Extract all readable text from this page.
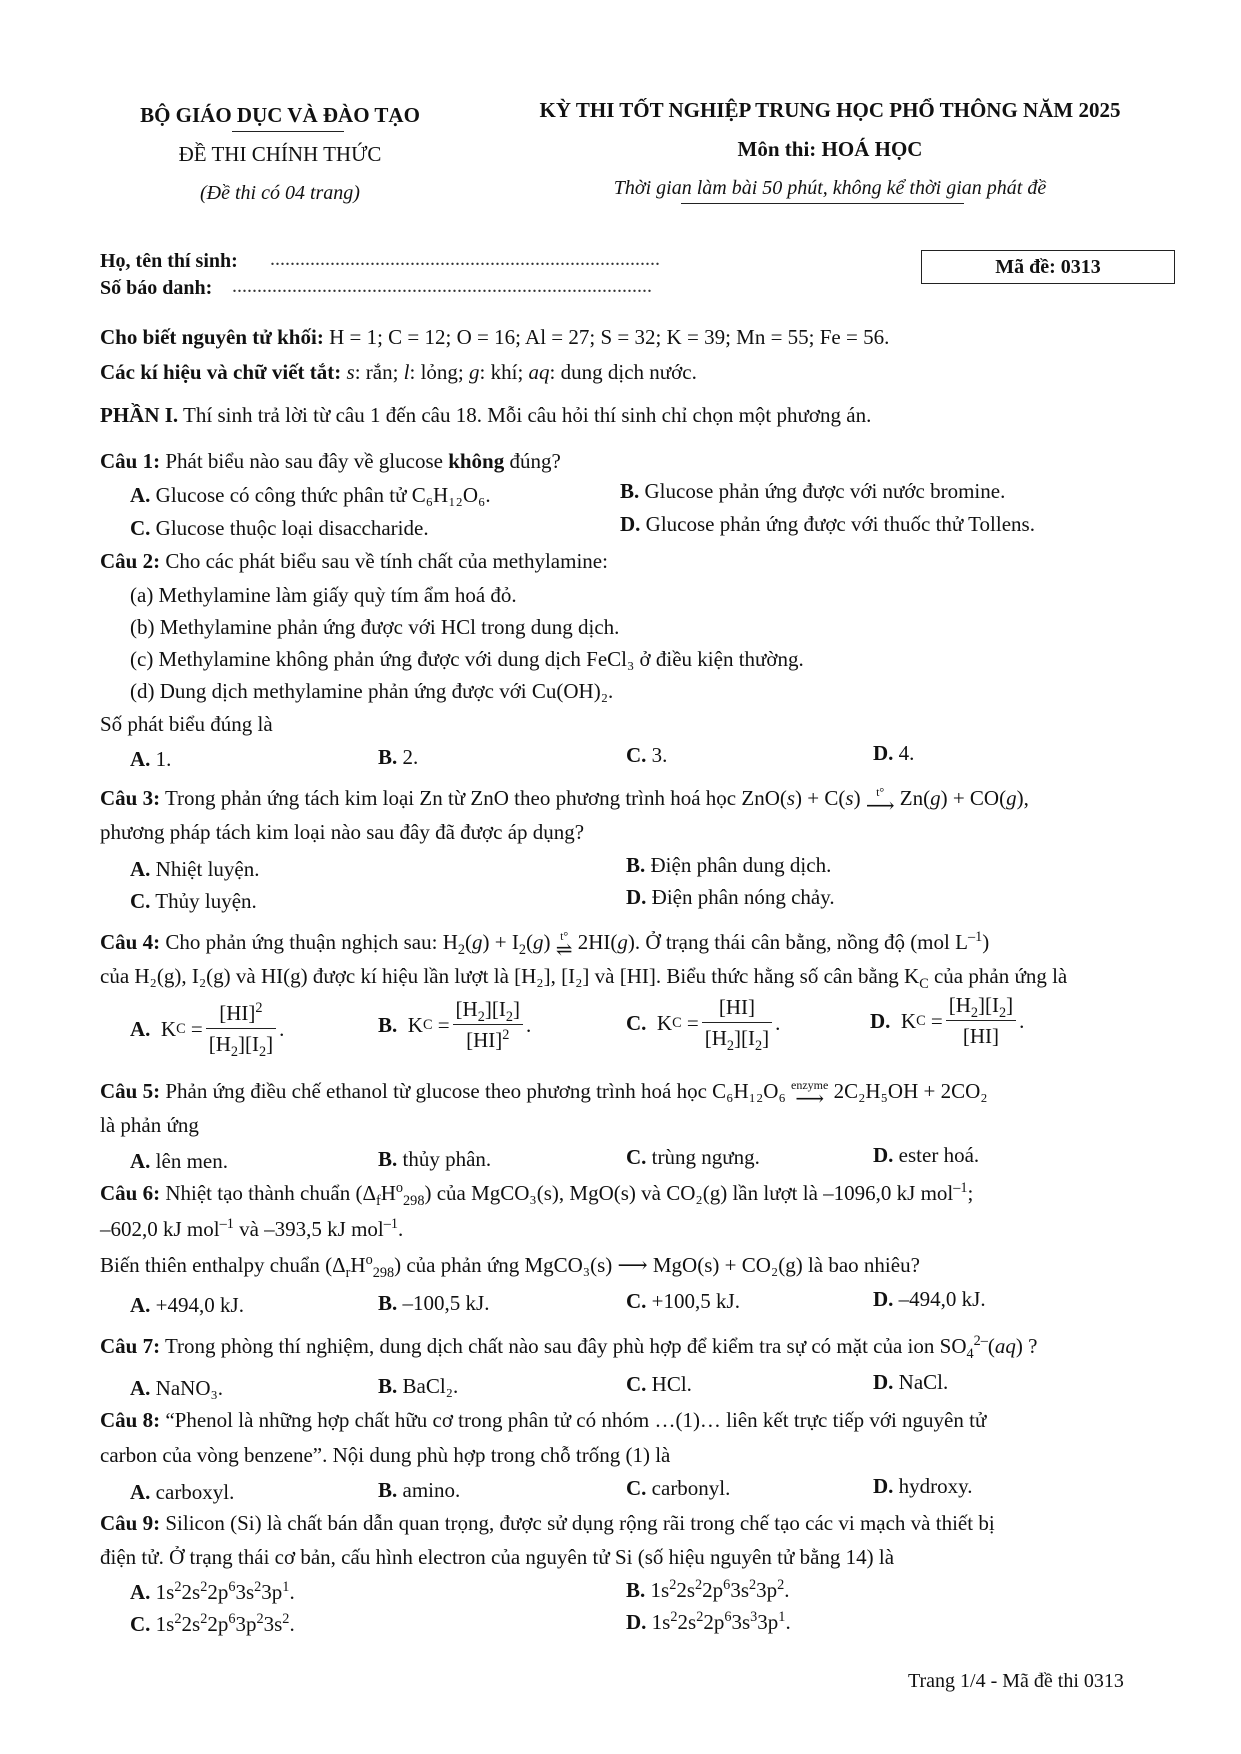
BỘ GIÁO DỤC VÀ ĐÀO TẠO
ĐỀ THI CHÍNH THỨC
(Đề thi có 04 trang)
KỲ THI TỐT NGHIỆP TRUNG HỌC PHỔ THÔNG NĂM 2025
Môn thi: HOÁ HỌC
Thời gian làm bài 50 phút, không kể thời gian phát đề
Họ, tên thí sinh: ..............................................................................
Số báo danh: ....................................................................................
Mã đề: 0313
Cho biết nguyên tử khối: H = 1; C = 12; O = 16; Al = 27; S = 32; K = 39; Mn = 55; Fe = 56.
Các kí hiệu và chữ viết tắt: s: rắn; l: lỏng; g: khí; aq: dung dịch nước.
PHẦN I. Thí sinh trả lời từ câu 1 đến câu 18. Mỗi câu hỏi thí sinh chỉ chọn một phương án.
Câu 1: Phát biểu nào sau đây về glucose không đúng?
A. Glucose có công thức phân tử C₆H₁₂O₆.	B. Glucose phản ứng được với nước bromine.
C. Glucose thuộc loại disaccharide.	D. Glucose phản ứng được với thuốc thử Tollens.
Câu 2: Cho các phát biểu sau về tính chất của methylamine:
(a) Methylamine làm giấy quỳ tím ẩm hoá đỏ.
(b) Methylamine phản ứng được với HCl trong dung dịch.
(c) Methylamine không phản ứng được với dung dịch FeCl₃ ở điều kiện thường.
(d) Dung dịch methylamine phản ứng được với Cu(OH)₂.
Số phát biểu đúng là
A. 1.	B. 2.	C. 3.	D. 4.
Câu 3: Trong phản ứng tách kim loại Zn từ ZnO theo phương trình hoá học ZnO(s) + C(s) t°
⟶ Zn(g) + CO(g),
phương pháp tách kim loại nào sau đây đã được áp dụng?
A. Nhiệt luyện.	B. Điện phân dung dịch.
C. Thủy luyện.	D. Điện phân nóng chảy.
Câu 4: Cho phản ứng thuận nghịch sau: $H_2(g) + I_2(g)$ t°
⇌ 2HI(g). Ở trạng thái cân bằng, nồng độ (mol $L^{-1}$)
của H₂(g), I₂(g) và HI(g) được kí hiệu lần lượt là [H₂], [I₂] và [HI]. Biểu thức hằng số cân bằng $K_C$ của phản ứng là
A. K $C = \frac{[HI]^2}{[H_2][I_2]}$ .	B. K $C = \frac{[H_2][I_2]}{[HI]^2}$ .	C. K $C = \frac{[HI]}{[H_2][I_2]}$ .	D. K $C = \frac{[H_2][I_2]}{[HI]}$ .
Câu 5: Phản ứng điều chế ethanol từ glucose theo phương trình hoá học C₆H₁₂O₆ enzyme
⟶ 2C₂H₅OH + 2CO₂
là phản ứng
A. lên men.	B. thủy phân.	C. trùng ngưng.	D. ester hoá.
Câu 6: Nhiệt tạo thành chuẩn $(\Delta_fH^o_{298})$ của MgCO₃(s), MgO(s) và CO₂(g) lần lượt là –1096,0 kJ mol$^{-1}$;
–602,0 kJ mol$^{-1}$ và –393,5 kJ mol$^{-1}$.
Biến thiên enthalpy chuẩn $(\Delta_rH^o_{298})$ của phản ứng MgCO₃(s) ⟶ MgO(s) + CO₂(g) là bao nhiêu?
A. +494,0 kJ.	B. –100,5 kJ.	C. +100,5 kJ.	D. –494,0 kJ.
Câu 7: Trong phòng thí nghiệm, dung dịch chất nào sau đây phù hợp để kiểm tra sự có mặt của ion $SO_4^{2-}(aq)$ ?
A. NaNO₃.	B. BaCl₂.	C. HCl.	D. NaCl.
Câu 8: “Phenol là những hợp chất hữu cơ trong phân tử có nhóm …(1)… liên kết trực tiếp với nguyên tử
carbon của vòng benzene”. Nội dung phù hợp trong chỗ trống (1) là
A. carboxyl.	B. amino.	C. carbonyl.	D. hydroxy.
Câu 9: Silicon (Si) là chất bán dẫn quan trọng, được sử dụng rộng rãi trong chế tạo các vi mạch và thiết bị
điện tử. Ở trạng thái cơ bản, cấu hình electron của nguyên tử Si (số hiệu nguyên tử bằng 14) là
A. $1s^22s^22p^63s^23p^1$.	B. $1s^22s^22p^63s^23p^2$.
C. $1s^22s^22p^63p^23s^2$.	D. $1s^22s^22p^63s^33p^1$.
Trang 1/4 - Mã đề thi 0313
